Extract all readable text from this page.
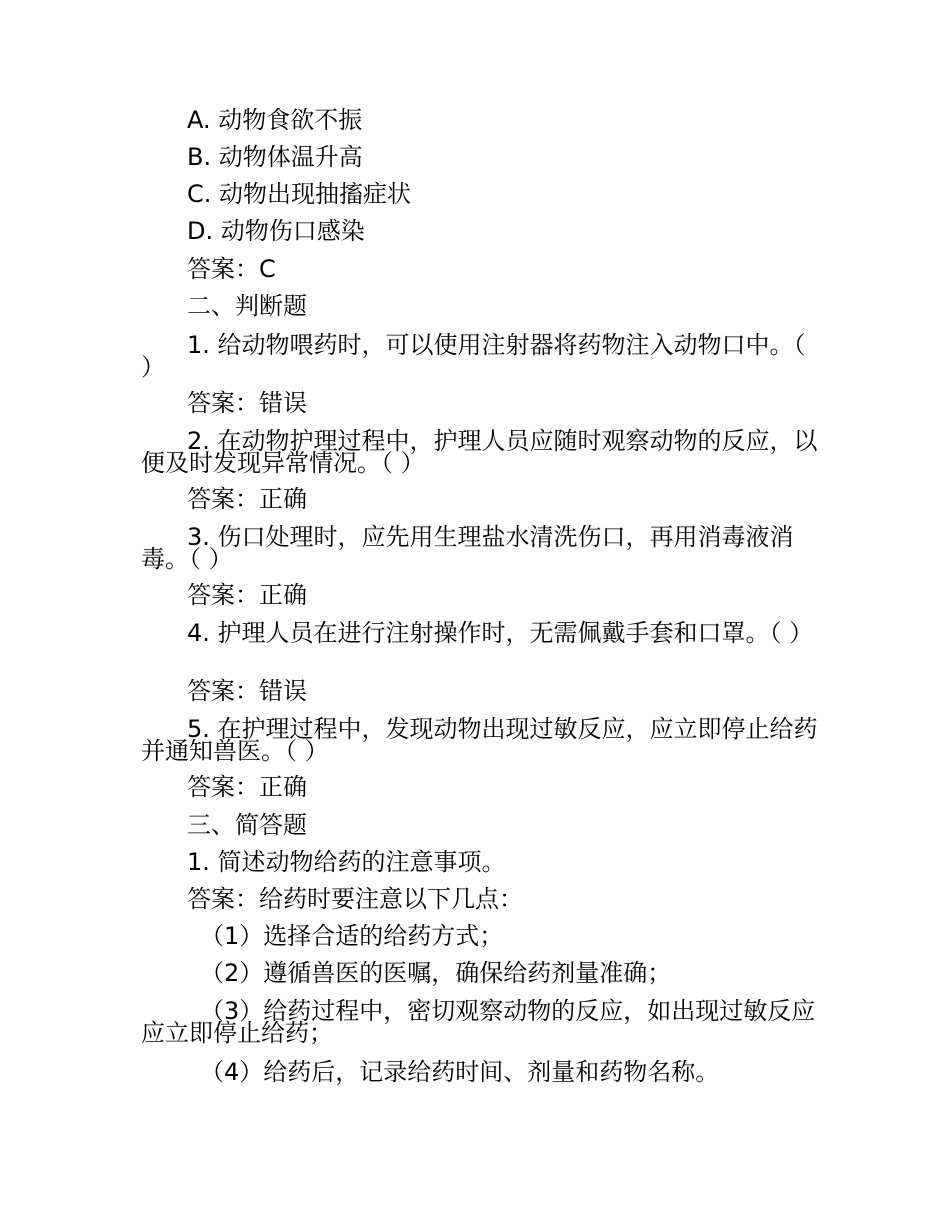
A. 动物食欲不振
B. 动物体温升高
C. 动物出现抽搐症状
D. 动物伤口感染
答案：C
二、判断题
1. 给动物喂药时，可以使用注射器将药物注入动物口中。（ ）
答案：错误
2. 在动物护理过程中，护理人员应随时观察动物的反应，以便及时发现异常情况。（ ）
答案：正确
3. 伤口处理时，应先用生理盐水清洗伤口，再用消毒液消毒。（ ）
答案：正确
4. 护理人员在进行注射操作时，无需佩戴手套和口罩。（ ）
答案：错误
5. 在护理过程中，发现动物出现过敏反应，应立即停止给药并通知兽医。（ ）
答案：正确
三、简答题
1. 简述动物给药的注意事项。
答案：给药时要注意以下几点：
（1）选择合适的给药方式；
（2）遵循兽医的医嘱，确保给药剂量准确；
（3）给药过程中，密切观察动物的反应，如出现过敏反应应立即停止给药；
（4）给药后，记录给药时间、剂量和药物名称。
